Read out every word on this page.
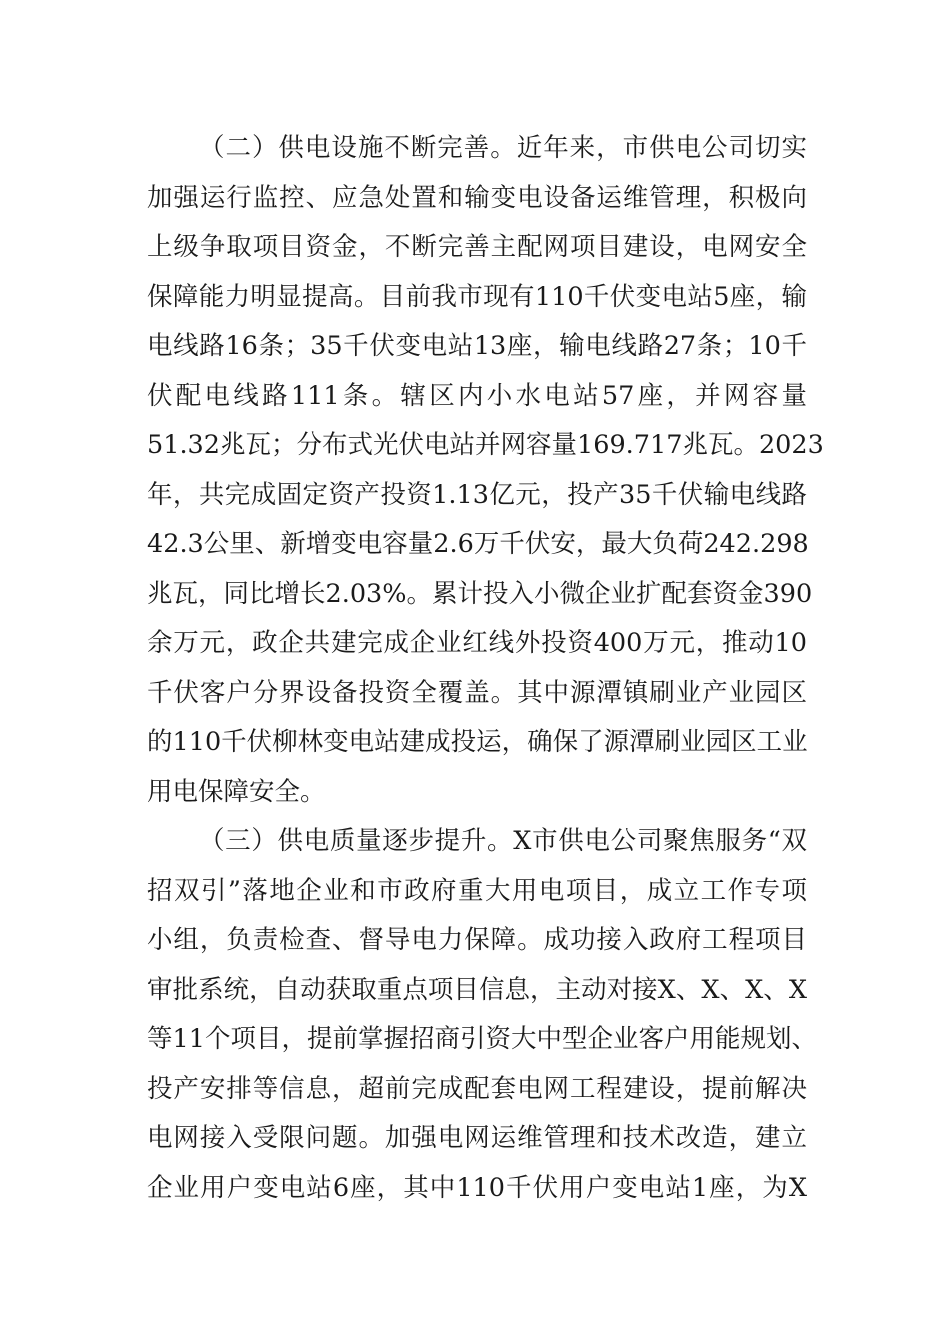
（二）供电设施不断完善。近年来，市供电公司切实
加强运行监控、应急处置和输变电设备运维管理，积极向
上级争取项目资金，不断完善主配网项目建设，电网安全
保障能力明显提高。目前我市现有110千伏变电站5座，输
电线路16条；35千伏变电站13座，输电线路27条；10千
伏配电线路111条。辖区内小水电站57座，并网容量
51.32兆瓦；分布式光伏电站并网容量169.717兆瓦。2023
年，共完成固定资产投资1.13亿元，投产35千伏输电线路
42.3公里、新增变电容量2.6万千伏安，最大负荷242.298
兆瓦，同比增长2.03%。累计投入小微企业扩配套资金390
余万元，政企共建完成企业红线外投资400万元，推动10
千伏客户分界设备投资全覆盖。其中源潭镇刷业产业园区
的110千伏柳林变电站建成投运，确保了源潭刷业园区工业
用电保障安全。
（三）供电质量逐步提升。X市供电公司聚焦服务“双
招双引”落地企业和市政府重大用电项目，成立工作专项
小组，负责检查、督导电力保障。成功接入政府工程项目
审批系统，自动获取重点项目信息，主动对接X、X、X、X
等11个项目，提前掌握招商引资大中型企业客户用能规划、
投产安排等信息，超前完成配套电网工程建设，提前解决
电网接入受限问题。加强电网运维管理和技术改造，建立
企业用户变电站6座，其中110千伏用户变电站1座，为X
